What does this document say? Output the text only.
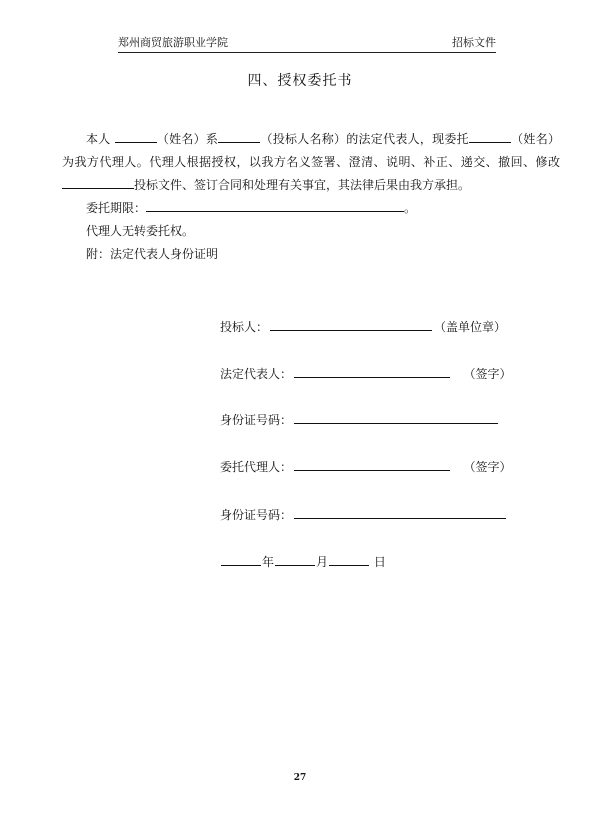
郑州商贸旅游职业学院	招标文件
四、授权委托书

本人	（姓名）系	（投标人名称）的法定代表人，现委托	（姓名）为我方代理人。代理人根据授权，以我方名义签署、澄清、说明、补正、递交、撤回、修改投标文件、签订合同和处理有关事宜，其法律后果由我方承担。

委托期限：	。

代理人无转委托权。

附：法定代表人身份证明

投标人：	（盖单位章）
法定代表人：	（签字）
身份证号码：
委托代理人：	（签字）
身份证号码：
年	月	日
27
